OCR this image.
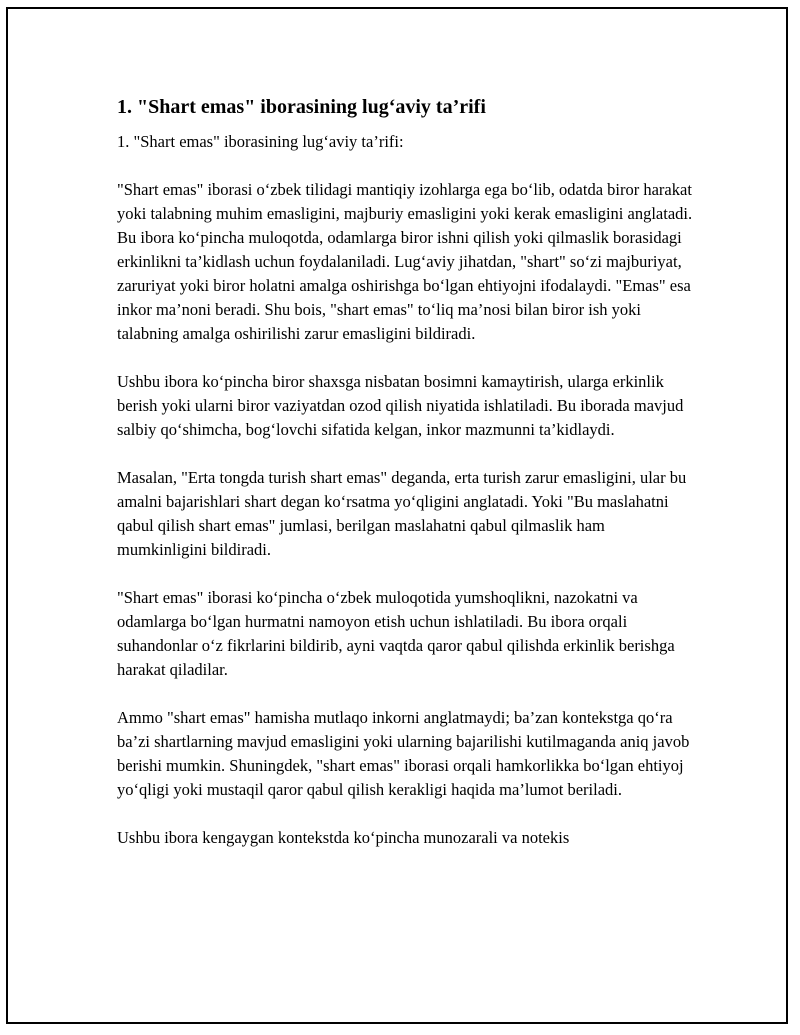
1. "Shart emas" iborasining lug‘aviy ta’rifi

1. "Shart emas" iborasining lug‘aviy ta’rifi:

"Shart emas" iborasi o‘zbek tilidagi mantiqiy izohlarga ega bo‘lib, odatda biror harakat yoki talabning muhim emasligini, majburiy emasligini yoki kerak emasligini anglatadi. Bu ibora ko‘pincha muloqotda, odamlarga biror ishni qilish yoki qilmaslik borasidagi erkinlikni ta’kidlash uchun foydalaniladi. Lug‘aviy jihatdan, "shart" so‘zi majburiyat, zaruriyat yoki biror holatni amalga oshirishga bo‘lgan ehtiyojni ifodalaydi. "Emas" esa inkor ma’noni beradi. Shu bois, "shart emas" to‘liq ma’nosi bilan biror ish yoki talabning amalga oshirilishi zarur emasligini bildiradi.

Ushbu ibora ko‘pincha biror shaxsga nisbatan bosimni kamaytirish, ularga erkinlik berish yoki ularni biror vaziyatdan ozod qilish niyatida ishlatiladi. Bu iborada mavjud salbiy qo‘shimcha, bog‘lovchi sifatida kelgan, inkor mazmunni ta’kidlaydi.

Masalan, "Erta tongda turish shart emas" deganda, erta turish zarur emasligini, ular bu amalni bajarishlari shart degan ko‘rsatma yo‘qligini anglatadi. Yoki "Bu maslahatni qabul qilish shart emas" jumlasi, berilgan maslahatni qabul qilmaslik ham mumkinligini bildiradi.

"Shart emas" iborasi ko‘pincha o‘zbek muloqotida yumshoqlikni, nazokatni va odamlarga bo‘lgan hurmatni namoyon etish uchun ishlatiladi. Bu ibora orqali suhandonlar o‘z fikrlarini bildirib, ayni vaqtda qaror qabul qilishda erkinlik berishga harakat qiladilar.

Ammo "shart emas" hamisha mutlaqo inkorni anglatmaydi; ba’zan kontekstga qo‘ra ba’zi shartlarning mavjud emasligini yoki ularning bajarilishi kutilmaganda aniq javob berishi mumkin. Shuningdek, "shart emas" iborasi orqali hamkorlikka bo‘lgan ehtiyoj yo‘qligi yoki mustaqil qaror qabul qilish kerakligi haqida ma’lumot beriladi.

Ushbu ibora kengaygan kontekstda ko‘pincha munozarali va notekis
